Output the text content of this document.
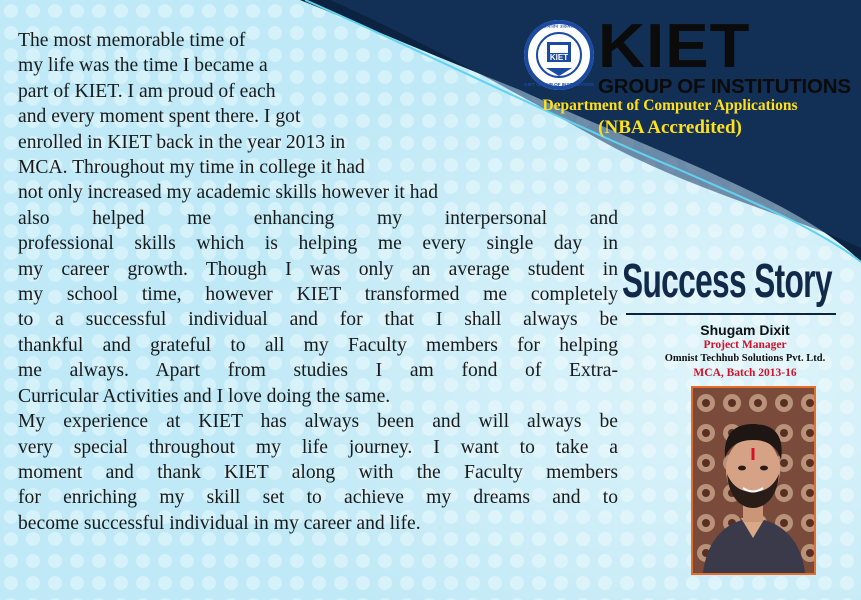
The most memorable time of
my life was the time I became a
part of KIET. I am proud of each
and every moment spent there. I got
enrolled in KIET back in the year 2013 in
MCA. Throughout my time in college it had
not only increased my academic skills however it had
also helped me enhancing my interpersonal and
professional skills which is helping me every single day in
my career growth. Though I was only an average student in
my school time, however KIET transformed me completely
to a successful individual and for that I shall always be
thankful and grateful to all my Faculty members for helping
me always. Apart from studies I am fond of Extra-
Curricular Activities and I love doing the same.
My experience at KIET has always been and will always be
very special throughout my life journey. I want to take a
moment and thank KIET along with the Faculty members
for enriching my skill set to achieve my dreams and to
become successful individual in my career and life.
KIET
ज्ञानार्जनं उत्कर्षाय
KIET GROUP OF INSTITUTIONS
KIET
GROUP OF INSTITUTIONS
Department of Computer Applications
(NBA Accredited)
Success Story
Shugam Dixit
Project Manager
Omnist Techhub Solutions Pvt. Ltd.
MCA, Batch 2013-16
